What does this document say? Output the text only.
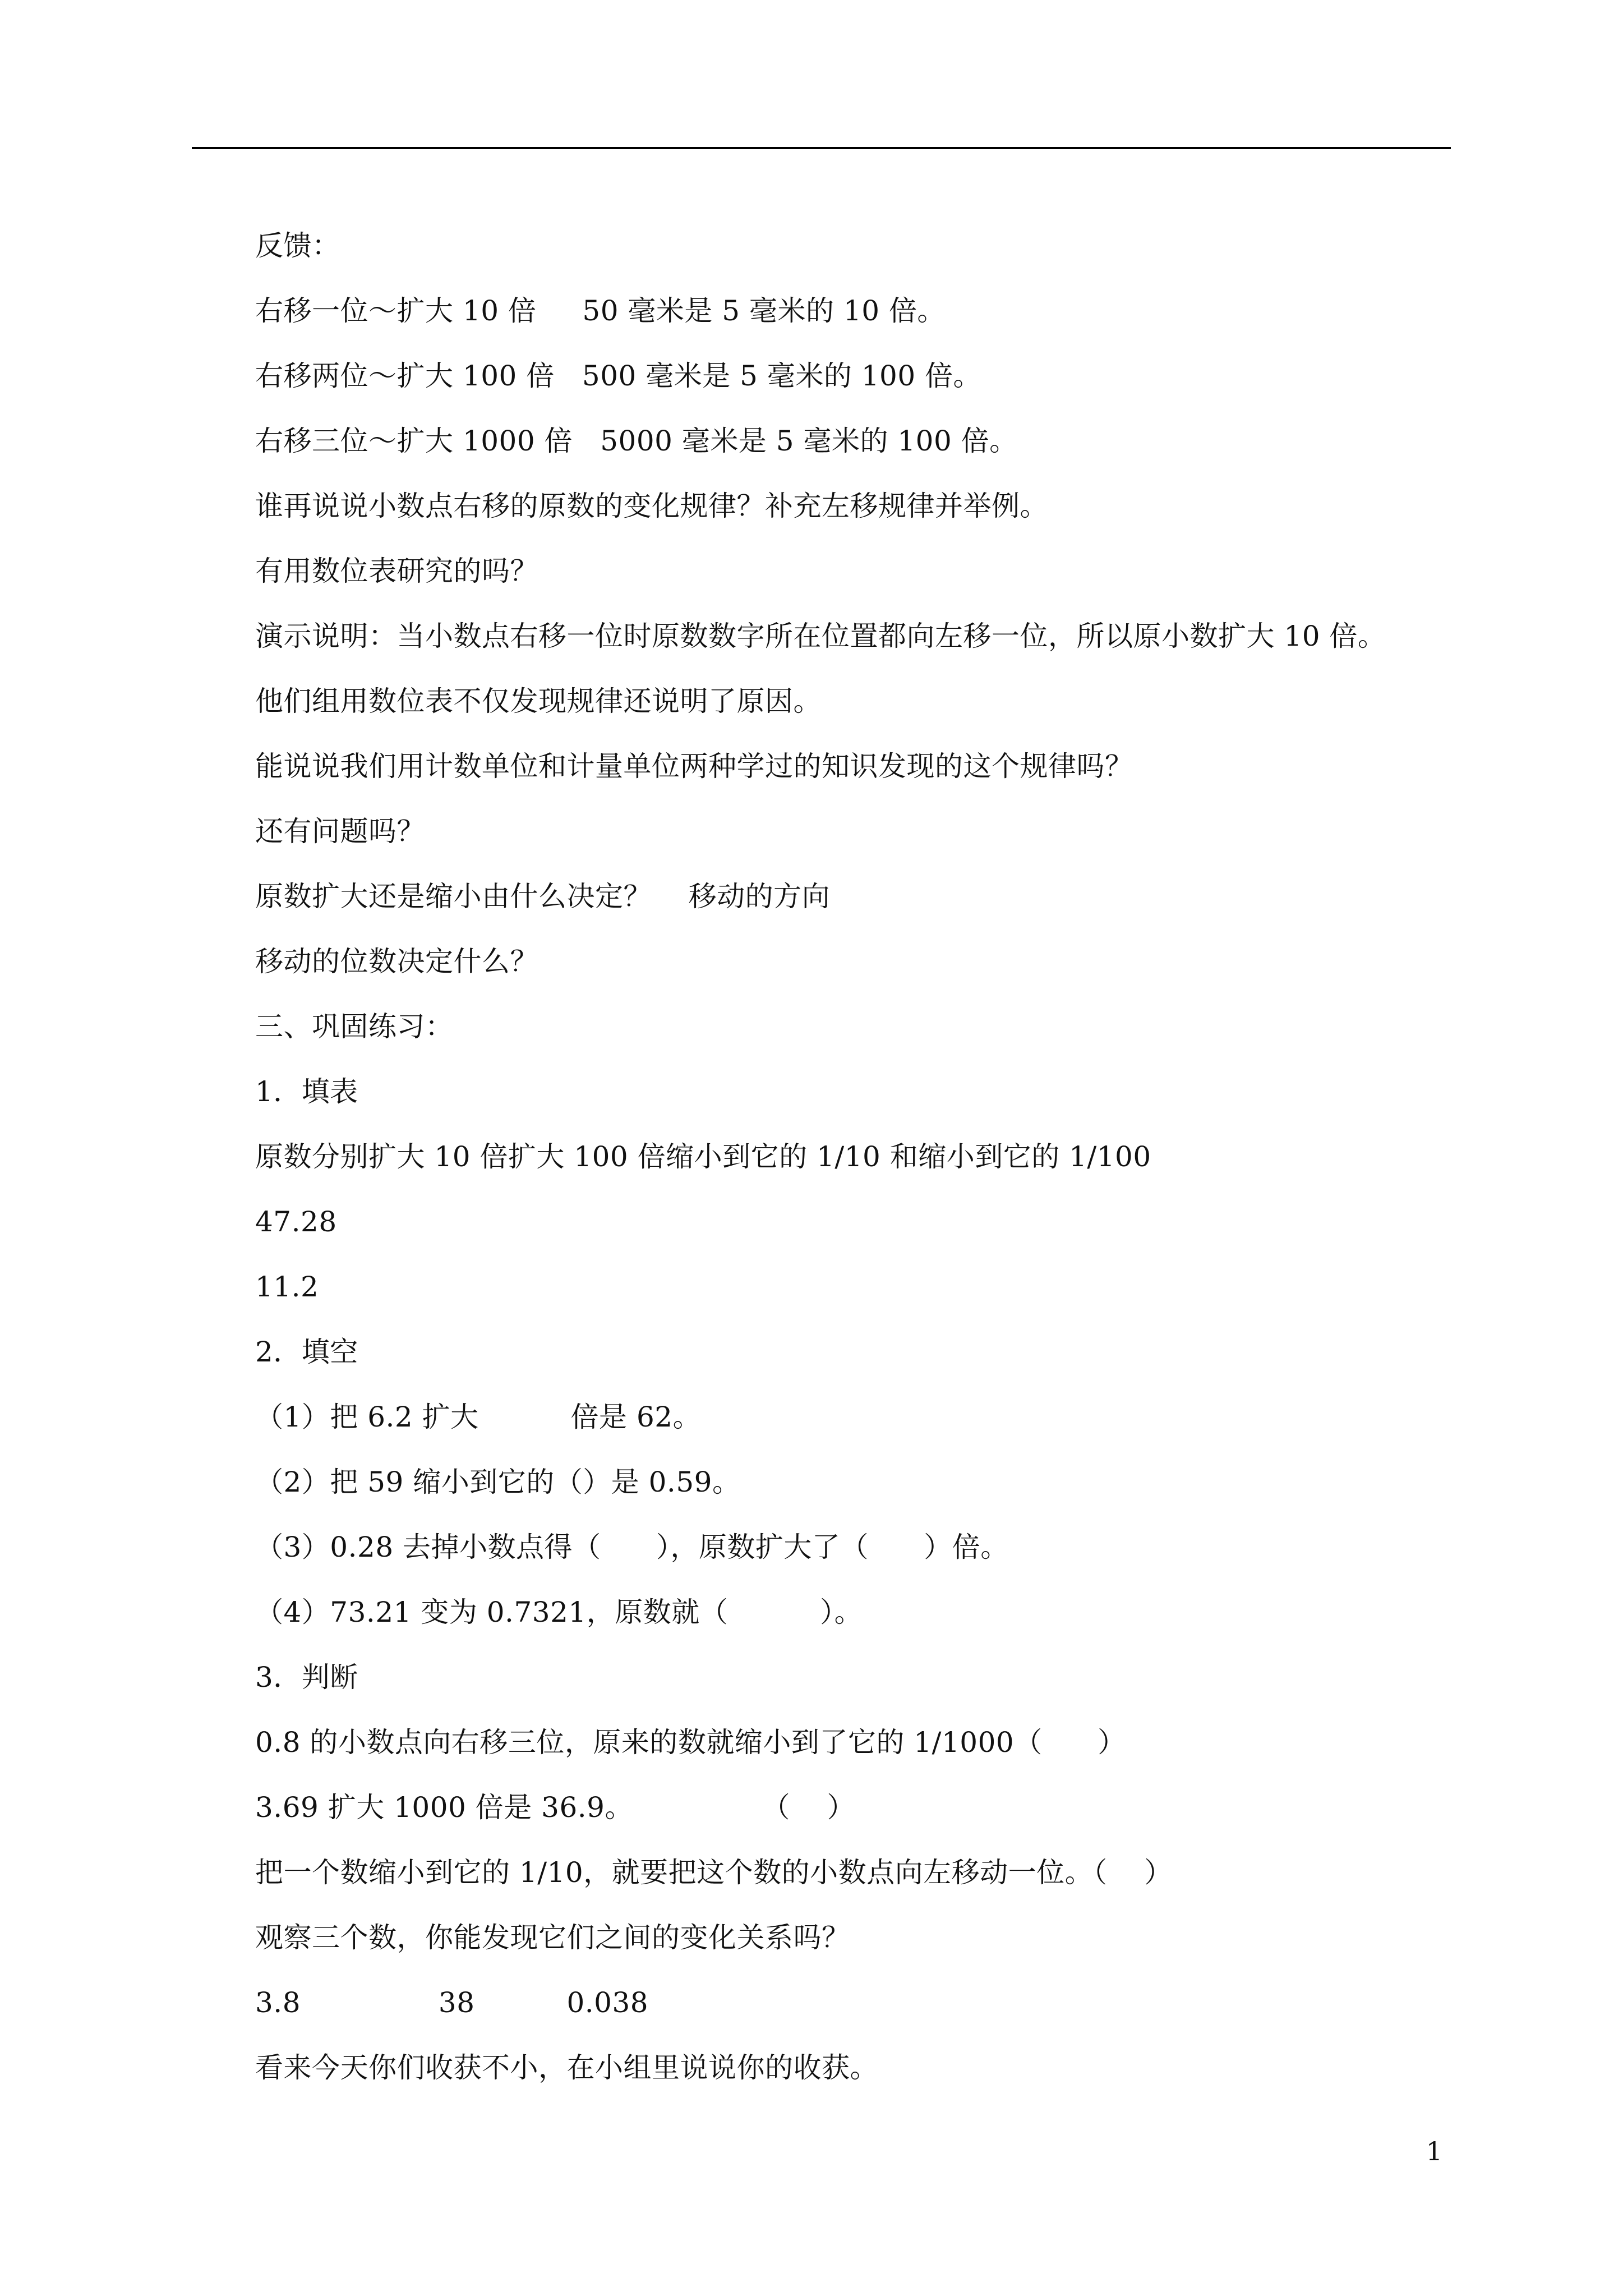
反馈：
右移一位～扩大 10 倍     50 毫米是 5 毫米的 10 倍。
右移两位～扩大 100 倍   500 毫米是 5 毫米的 100 倍。
右移三位～扩大 1000 倍   5000 毫米是 5 毫米的 100 倍。
谁再说说小数点右移的原数的变化规律？补充左移规律并举例。
有用数位表研究的吗？
演示说明：当小数点右移一位时原数数字所在位置都向左移一位，所以原小数扩大 10 倍。
他们组用数位表不仅发现规律还说明了原因。
能说说我们用计数单位和计量单位两种学过的知识发现的这个规律吗？
还有问题吗？
原数扩大还是缩小由什么决定？    移动的方向
移动的位数决定什么？
三、巩固练习：
1．填表
原数分别扩大 10 倍扩大 100 倍缩小到它的 1/10 和缩小到它的 1/100
47.28
11.2
2．填空
（1）把 6.2 扩大          倍是 62。
（2）把 59 缩小到它的（）是 0.59。
（3）0.28 去掉小数点得（      ），原数扩大了（      ）倍。
（4）73.21 变为 0.7321，原数就（          ）。
3．判断
0.8 的小数点向右移三位，原来的数就缩小到了它的 1/1000（      ）
3.69 扩大 1000 倍是 36.9。              （    ）
把一个数缩小到它的 1/10，就要把这个数的小数点向左移动一位。（    ）
观察三个数，你能发现它们之间的变化关系吗？
3.8               38          0.038
看来今天你们收获不小，在小组里说说你的收获。
1
